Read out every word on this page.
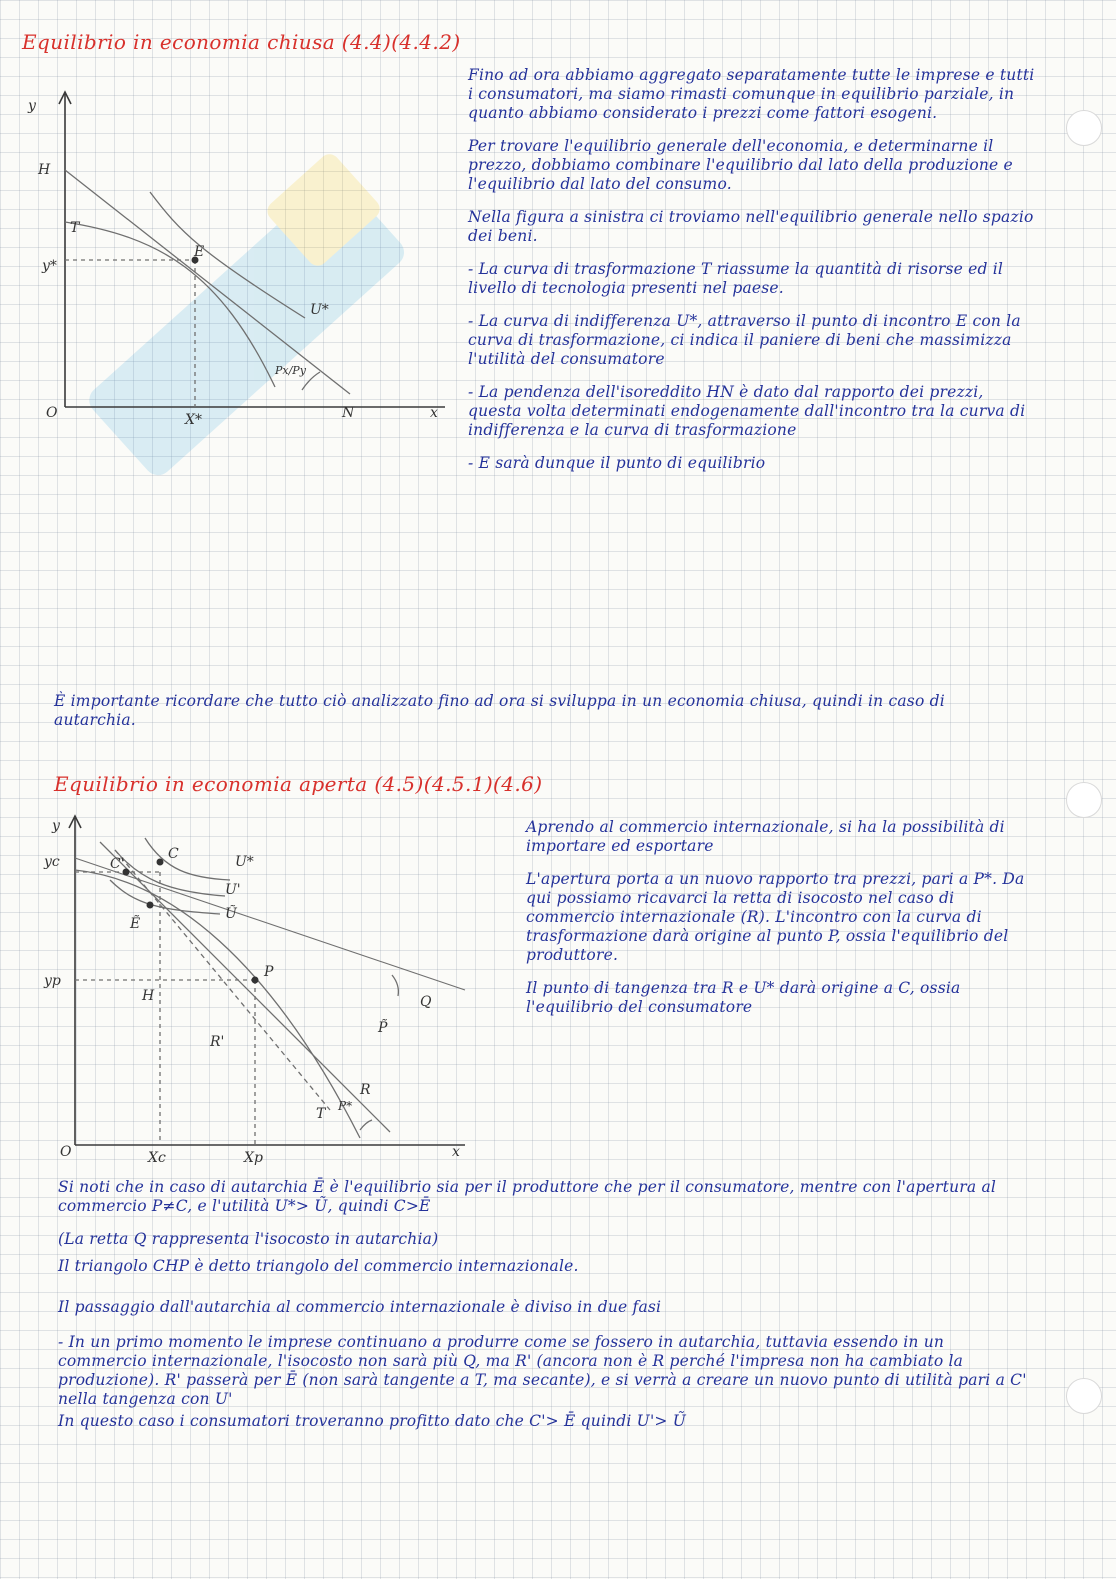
Equilibrio in economia chiusa (4.4)(4.4.2)
y
H
T
y*
E
U*
Px/Py
O	X*	N	x

Fino ad ora abbiamo aggregato separatamente tutte le imprese e tutti i consumatori, ma siamo rimasti comunque in equilibrio parziale, in quanto abbiamo considerato i prezzi come fattori esogeni.

Per trovare l'equilibrio generale dell'economia, e determinarne il prezzo, dobbiamo combinare l'equilibrio dal lato della produzione e l'equilibrio dal lato del consumo.

Nella figura a sinistra ci troviamo nell'equilibrio generale nello spazio dei beni.

- La curva di trasformazione T riassume la quantità di risorse ed il livello di tecnologia presenti nel paese.

- La curva di indifferenza U*, attraverso il punto di incontro E con la curva di trasformazione, ci indica il paniere di beni che massimizza l'utilità del consumatore

- La pendenza dell'isoreddito HN è dato dal rapporto dei prezzi, questa volta determinati endogenamente dall'incontro tra la curva di indifferenza e la curva di trasformazione

- E sarà dunque il punto di equilibrio

È importante ricordare che tutto ciò analizzato fino ad ora si sviluppa in un economia chiusa, quindi in caso di autarchia.
Equilibrio in economia aperta (4.5)(4.5.1)(4.6)
y
yc	C'
C	U*
U'
Ũ
Ẽ
yp
H
P
Q
R'
P̃
T P*
R
O	Xc	Xp	x

Aprendo al commercio internazionale, si ha la possibilità di importare ed esportare

L'apertura porta a un nuovo rapporto tra prezzi, pari a P*. Da qui possiamo ricavarci la retta di isocosto nel caso di commercio internazionale (R). L'incontro con la curva di trasformazione darà origine al punto P, ossia l'equilibrio del produttore.

Il punto di tangenza tra R e U* darà origine a C, ossia l'equilibrio del consumatore

Si noti che in caso di autarchia Ē è l'equilibrio sia per il produttore che per il consumatore, mentre con l'apertura al commercio P≠C, e l'utilità U*> Ũ, quindi C>Ē

(La retta Q rappresenta l'isocosto in autarchia)

Il triangolo CHP è detto triangolo del commercio internazionale.

Il passaggio dall'autarchia al commercio internazionale è diviso in due fasi

- In un primo momento le imprese continuano a produrre come se fossero in autarchia, tuttavia essendo in un commercio internazionale, l'isocosto non sarà più Q, ma R' (ancora non è R perché l'impresa non ha cambiato la produzione). R' passerà per Ē (non sarà tangente a T, ma secante), e si verrà a creare un nuovo punto di utilità pari a C' nella tangenza con U'

In questo caso i consumatori troveranno profitto dato che C'> Ē quindi U'> Ũ
